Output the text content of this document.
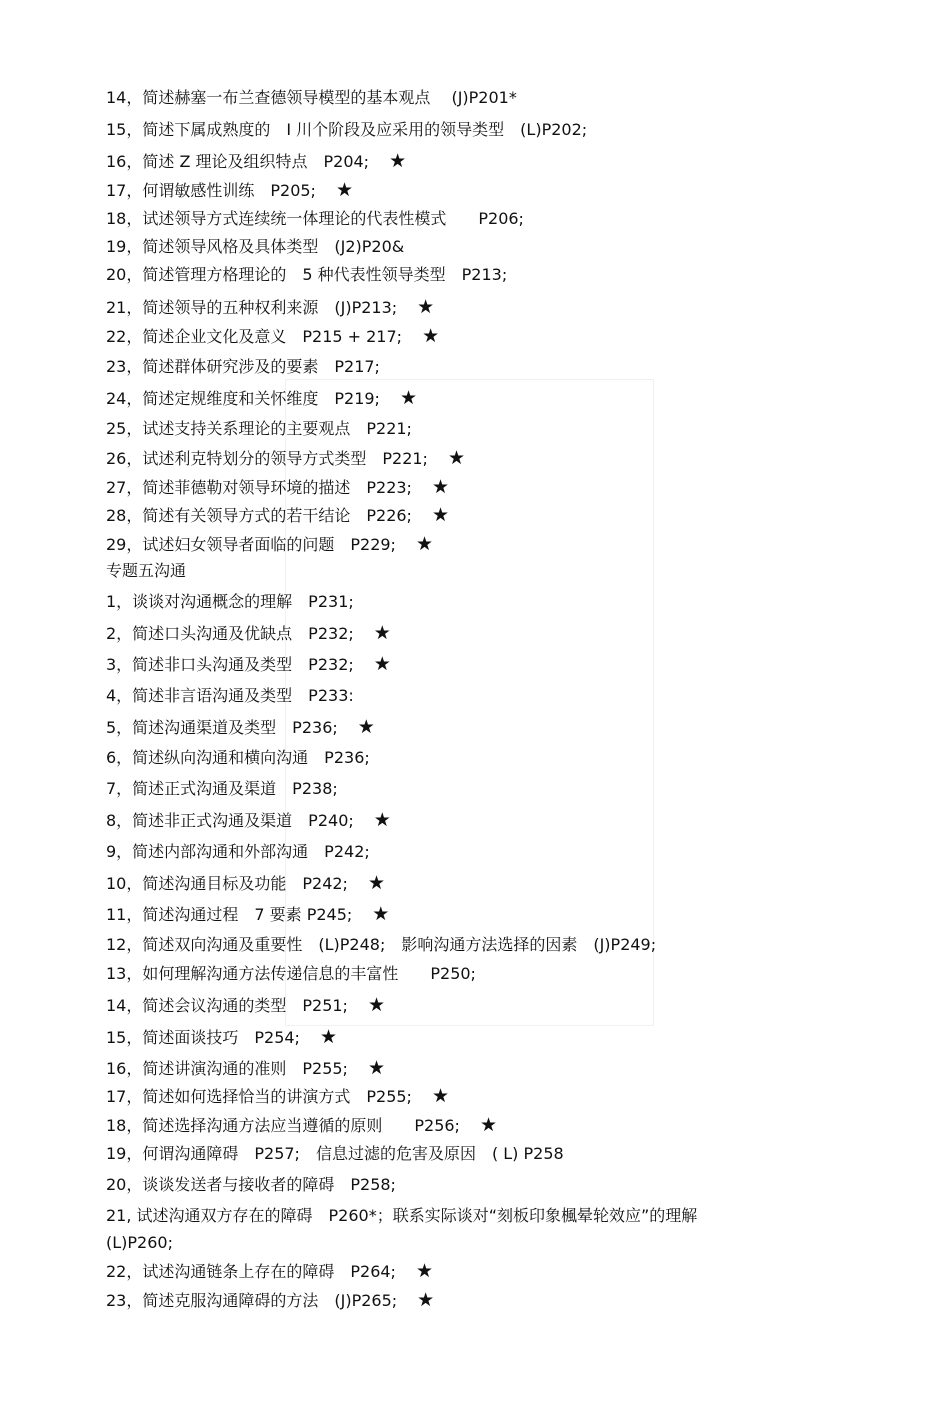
14，简述赫塞一布兰查德领导模型的基本观点　 (J)P201*
15，简述下属成熟度的　I 川个阶段及应采用的领导类型　(L)P202;
16，简述 Z 理论及组织特点　P204; ★
17，何谓敏感性训练　P205; ★
18，试述领导方式连续统一体理论的代表性模式　　P206;
19，简述领导风格及具体类型　(J2)P20&
20，简述管理方格理论的　5 种代表性领导类型　P213;
21，简述领导的五种权利来源　(J)P213; ★
22，简述企业文化及意义　P215 + 217; ★
23，简述群体研究涉及的要素　P217;
24，简述定规维度和关怀维度　P219; ★
25，试述支持关系理论的主要观点　P221;
26，试述利克特划分的领导方式类型　P221; ★
27，简述菲德勒对领导环境的描述　P223; ★
28，简述有关领导方式的若干结论　P226; ★
29，试述妇女领导者面临的问题　P229; ★
专题五沟通
1，谈谈对沟通概念的理解　P231;
2，简述口头沟通及优缺点　P232; ★
3，简述非口头沟通及类型　P232; ★
4，简述非言语沟通及类型　P233:
5，简述沟通渠道及类型　P236; ★
6，简述纵向沟通和横向沟通　P236;
7，简述正式沟通及渠道　P238;
8，简述非正式沟通及渠道　P240; ★
9，简述内部沟通和外部沟通　P242;
10，简述沟通目标及功能　P242; ★
11，简述沟通过程　7 要素 P245; ★
12，简述双向沟通及重要性　(L)P248;　影响沟通方法选择的因素　(J)P249;
13，如何理解沟通方法传递信息的丰富性　　P250;
14，简述会议沟通的类型　P251; ★
15，简述面谈技巧　P254; ★
16，简述讲演沟通的准则　P255; ★
17，简述如何选择恰当的讲演方式　P255; ★
18，简述选择沟通方法应当遵循的原则　　P256; ★
19，何谓沟通障碍　P257;　信息过滤的危害及原因　( L) P258
20，谈谈发送者与接收者的障碍　P258;
21, 试述沟通双方存在的障碍　P260*；联系实际谈对“刻板印象楓晕轮效应”的理解
(L)P260;
22，试述沟通链条上存在的障碍　P264; ★
23，简述克服沟通障碍的方法　(J)P265; ★
